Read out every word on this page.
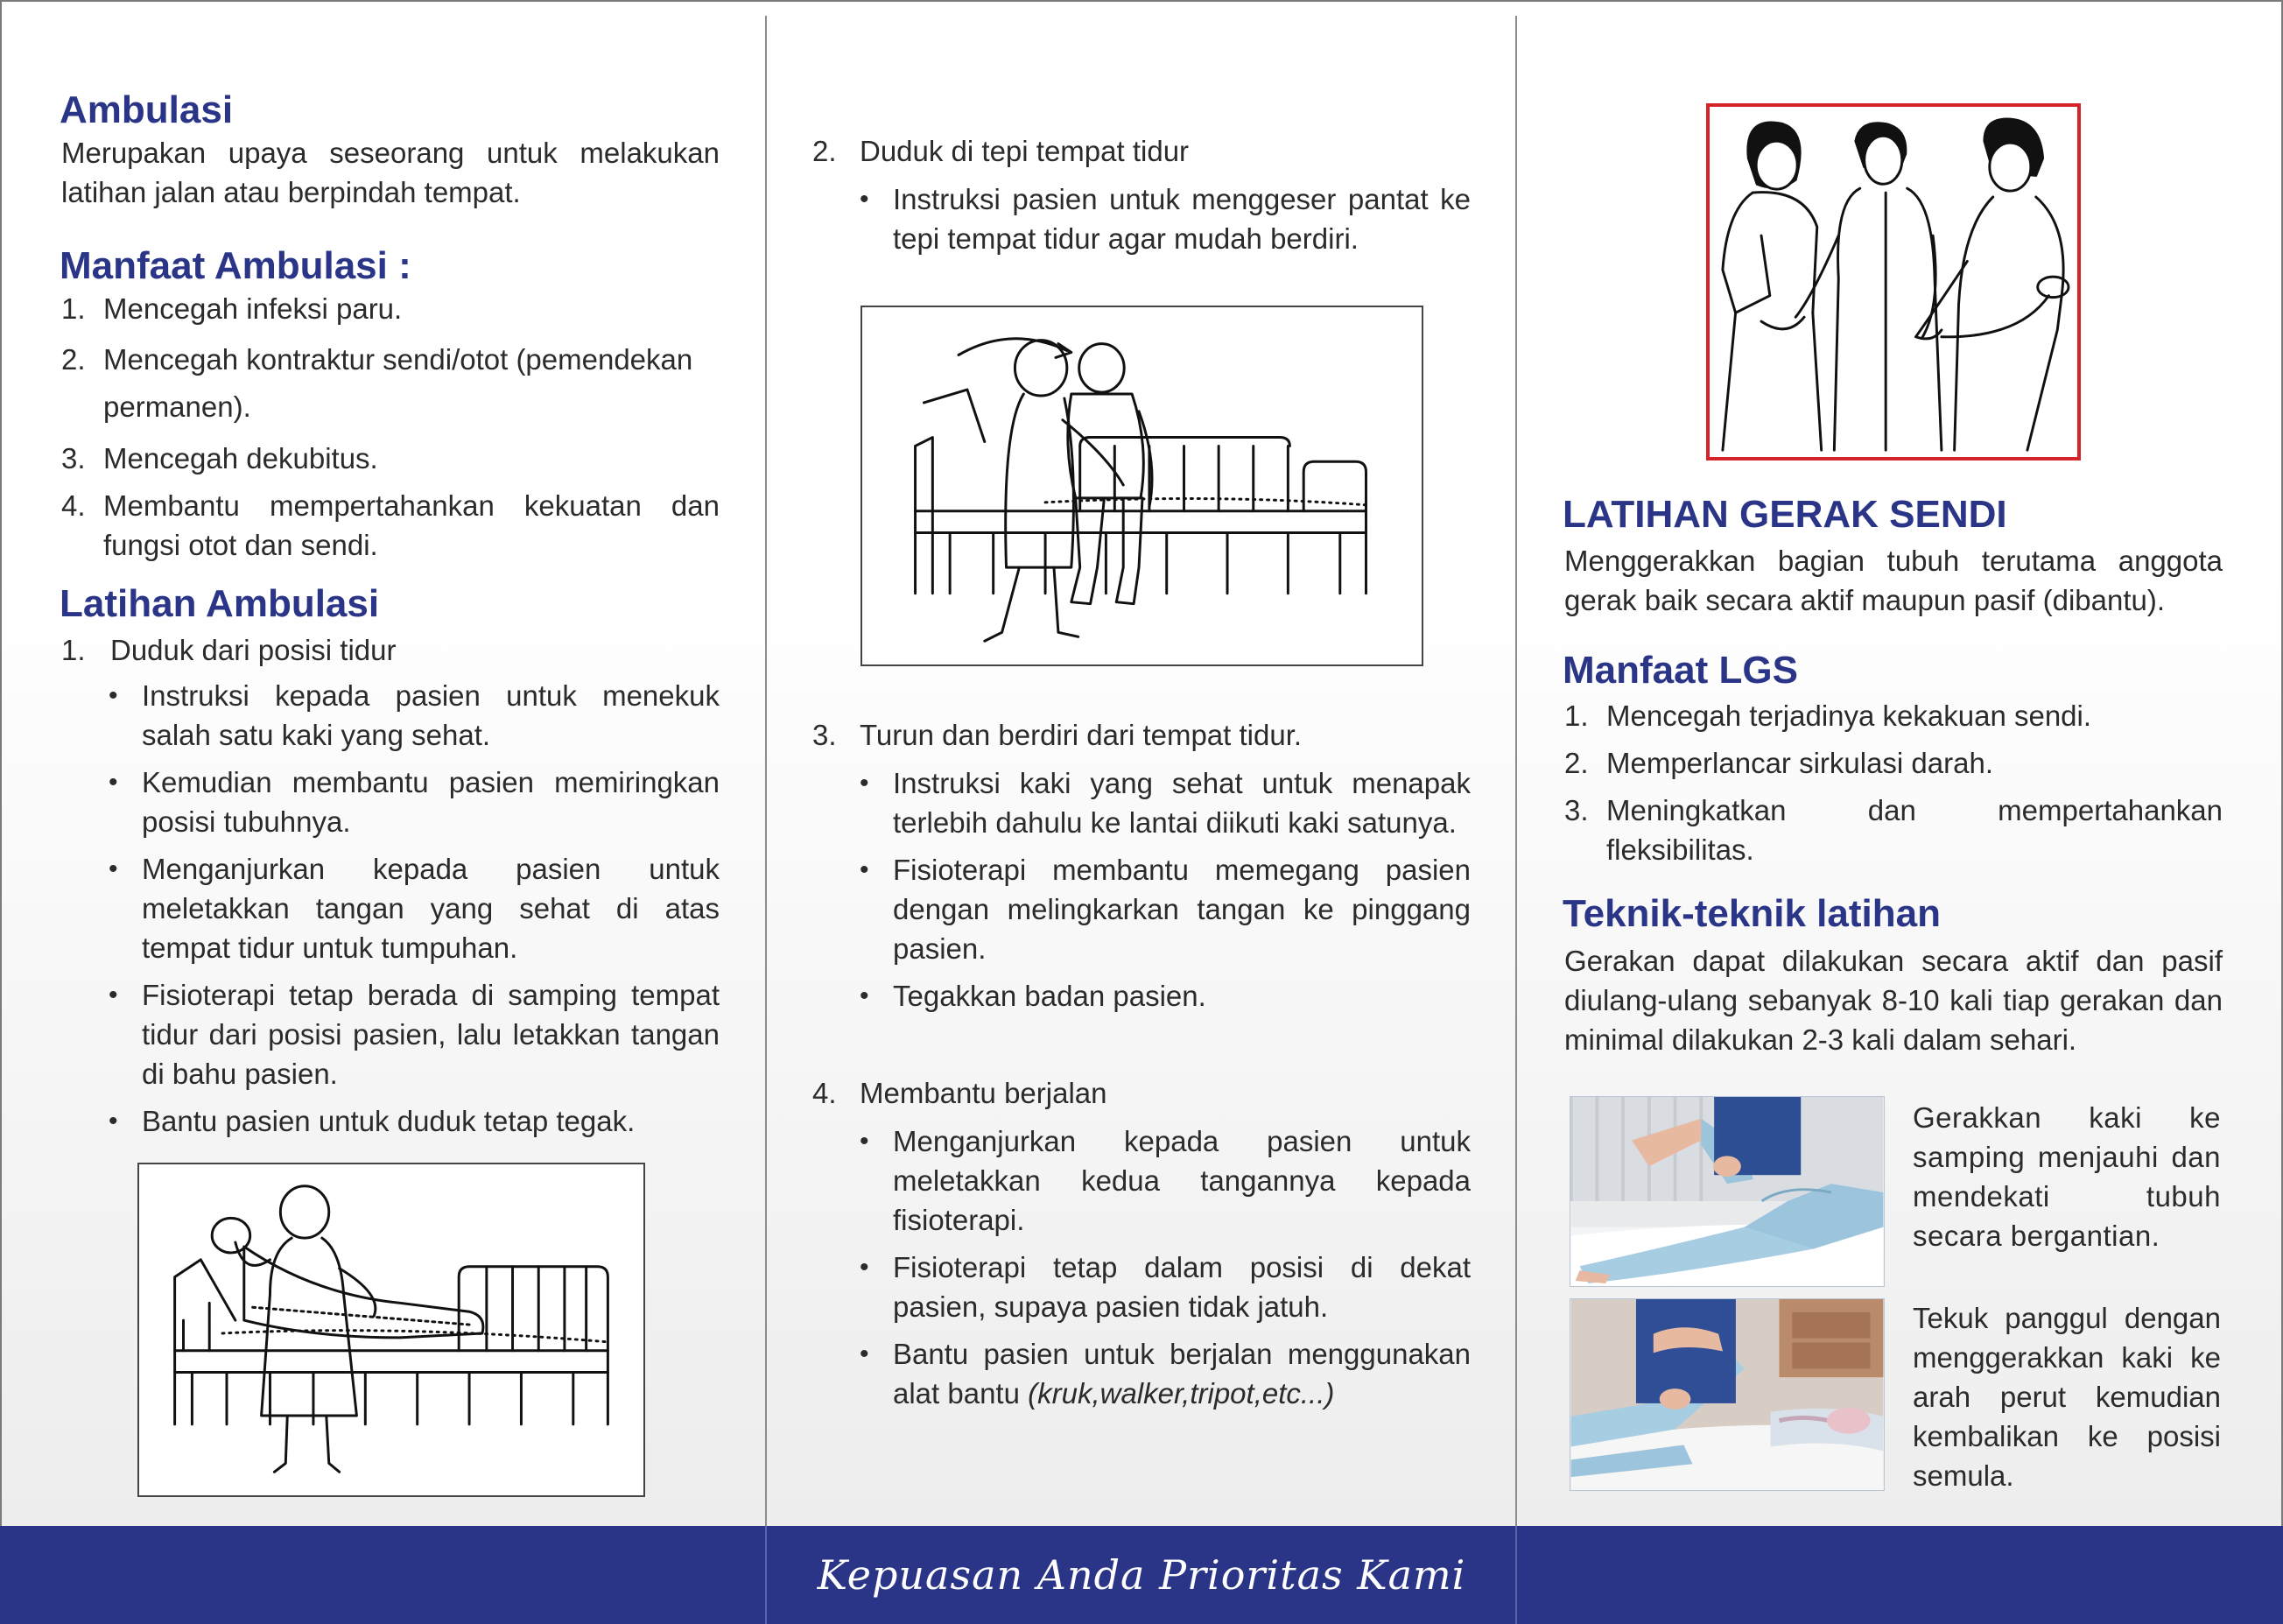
Ambulasi
Merupakan upaya seseorang untuk melakukan latihan jalan atau berpindah tempat.
Manfaat Ambulasi :
1. Mencegah infeksi paru.
2. Mencegah kontraktur sendi/otot (pemendekan permanen).
3. Mencegah dekubitus.
4. Membantu mempertahankan kekuatan dan fungsi otot dan sendi.
Latihan Ambulasi
1. Duduk dari posisi tidur
• Instruksi kepada pasien untuk menekuk salah satu kaki yang sehat.
• Kemudian membantu pasien memiringkan posisi tubuhnya.
• Menganjurkan kepada pasien untuk meletakkan tangan yang sehat di atas tempat tidur untuk tumpuhan.
• Fisioterapi tetap berada di samping tempat tidur dari posisi pasien, lalu letakkan tangan di bahu pasien.
• Bantu pasien untuk duduk tetap tegak.
2. Duduk di tepi tempat tidur
• Instruksi pasien untuk menggeser pantat ke tepi tempat tidur agar mudah berdiri.
3. Turun dan berdiri dari tempat tidur.
• Instruksi kaki yang sehat untuk menapak terlebih dahulu ke lantai diikuti kaki satunya.
• Fisioterapi membantu memegang pasien dengan melingkarkan tangan ke pinggang pasien.
• Tegakkan badan pasien.
4. Membantu berjalan
• Menganjurkan kepada pasien untuk meletakkan kedua tangannya kepada fisioterapi.
• Fisioterapi tetap dalam posisi di dekat pasien, supaya pasien tidak jatuh.
• Bantu pasien untuk berjalan menggunakan alat bantu (kruk,walker,tripot,etc...)
LATIHAN GERAK SENDI
Menggerakkan bagian tubuh terutama anggota gerak baik secara aktif maupun pasif (dibantu).
Manfaat LGS
1. Mencegah terjadinya kekakuan sendi.
2. Memperlancar sirkulasi darah.
3. Meningkatkan dan mempertahankan fleksibilitas.
Teknik-teknik latihan
Gerakan dapat dilakukan secara aktif dan pasif diulang-ulang sebanyak 8-10 kali tiap gerakan dan minimal dilakukan 2-3 kali dalam sehari.
Gerakkan kaki ke samping menjauhi dan mendekati tubuh secara bergantian.
Tekuk panggul dengan menggerakkan kaki ke arah perut kemudian kembalikan ke posisi semula.
Kepuasan Anda Prioritas Kami
